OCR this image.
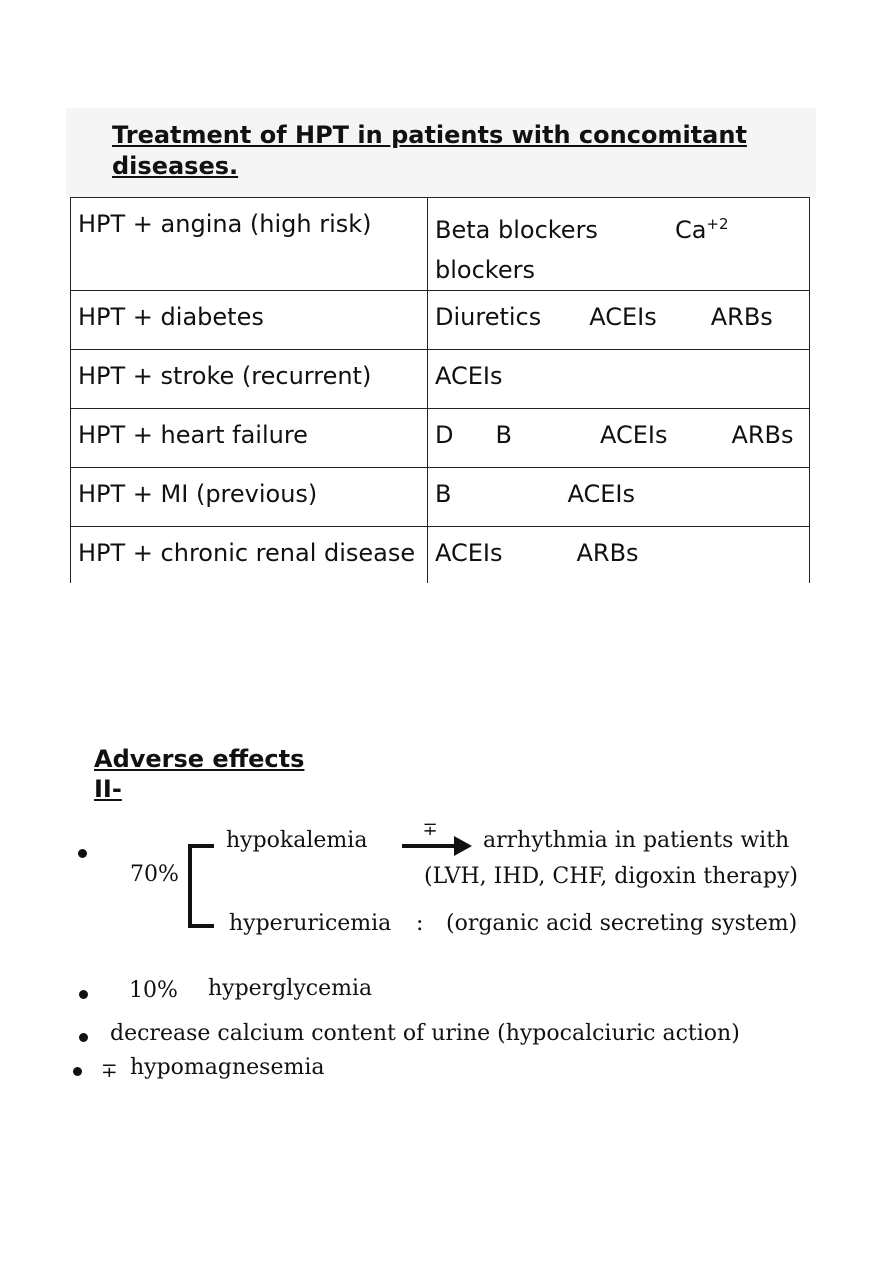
Treatment of HPT in patients with concomitant diseases.
HPT + angina (high risk)	Beta blockers $Ca^{+2}$
blockers
HPT + diabetes	Diuretics ACEIs ARBs
HPT + stroke (recurrent)	ACEIs
HPT + heart failure	D B ACEIs ARBs
HPT + MI (previous)	B ACEIs
HPT + chronic renal disease	ACEIs ARBs
Adverse effects
II-
70%
hypokalemia	∓ arrhythmia in patients with
(LVH, IHD, CHF, digoxin therapy)
hyperuricemia : (organic acid secreting system)
10% hyperglycemia
decrease calcium content of urine (hypocalciuric action)
∓ hypomagnesemia
